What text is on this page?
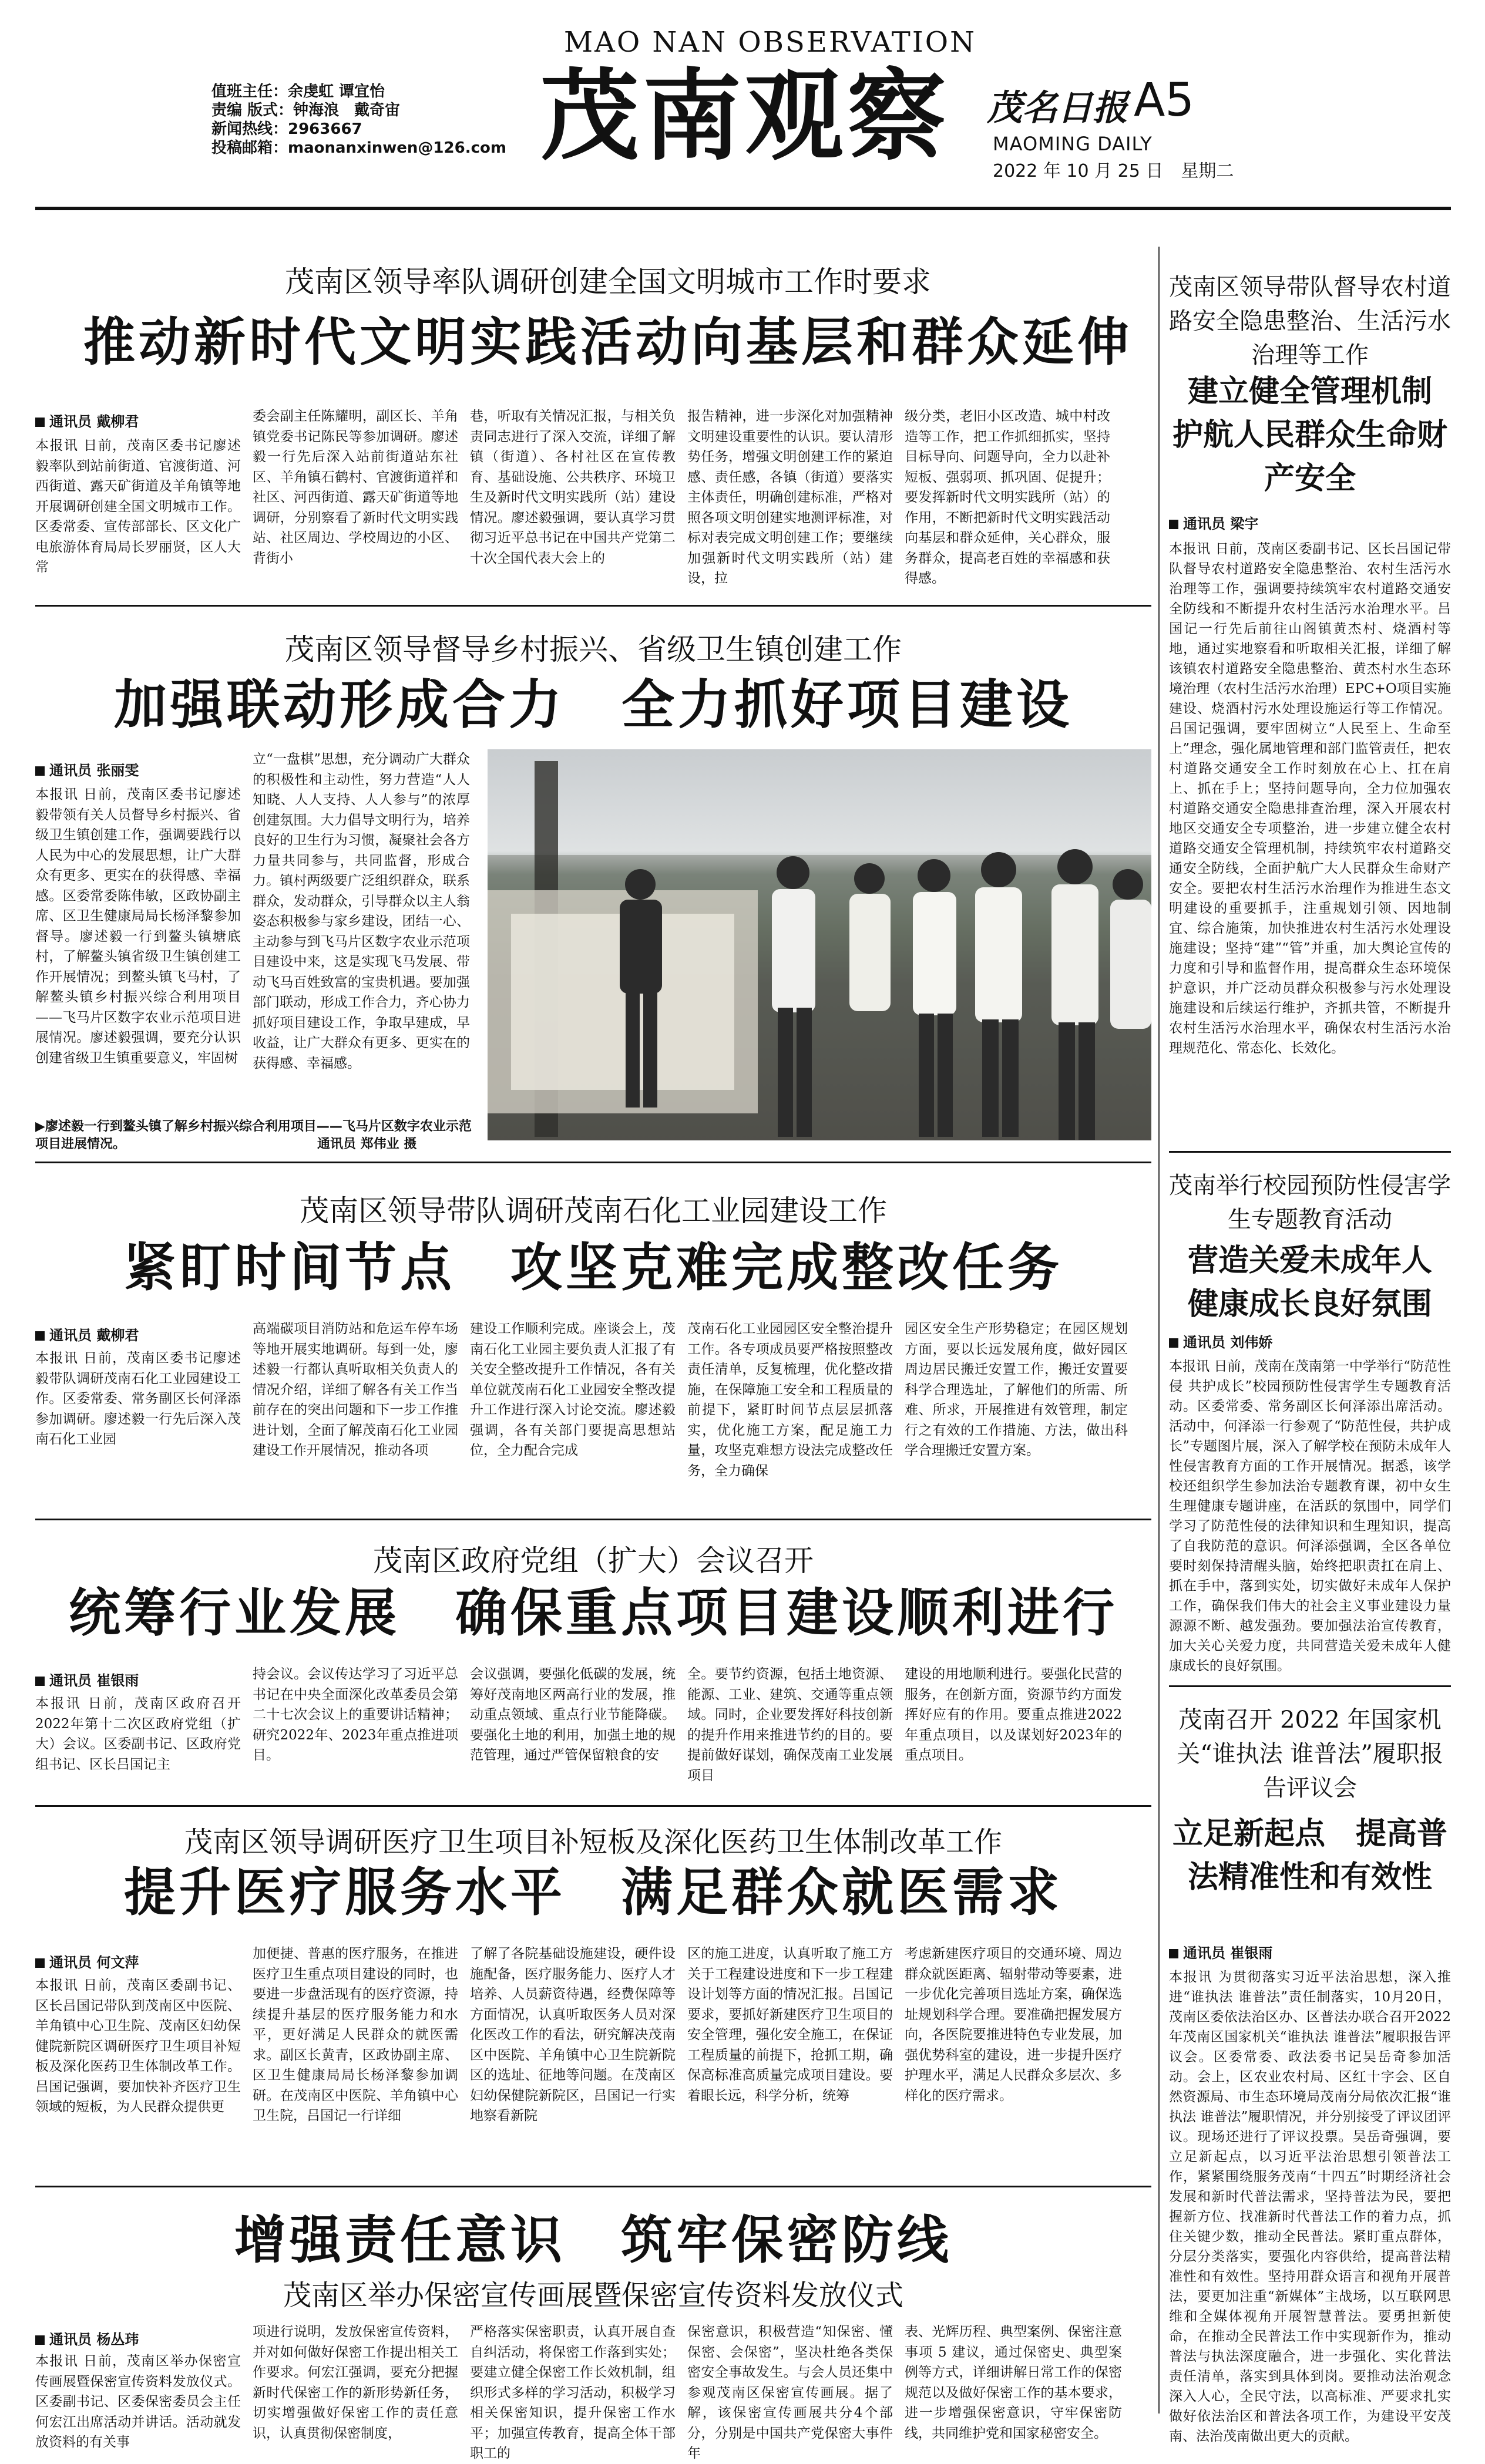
值班主任：余虔虹 谭宜怡
责编 版式：钟海浪　戴奇宙
新闻热线：2963667
投稿邮箱：maonanxinwen@126.com
MAO NAN OBSERVATION
茂南观察	茂名日报 A5
MAOMING DAILY
2022 年 10 月 25 日　星期二
茂南区领导率队调研创建全国文明城市工作时要求
推动新时代文明实践活动向基层和群众延伸
通讯员 戴柳君
本报讯 日前，茂南区委书记廖述毅率队到站前街道、官渡街道、河西街道、露天矿街道及羊角镇等地开展调研创建全国文明城市工作。区委常委、宣传部部长、区文化广电旅游体育局局长罗丽贤，区人大常
委会副主任陈耀明，副区长、羊角镇党委书记陈民等参加调研。廖述毅一行先后深入站前街道站东社区、羊角镇石鹤村、官渡街道祥和社区、河西街道、露天矿街道等地调研，分别察看了新时代文明实践站、社区周边、学校周边的小区、背街小
巷，听取有关情况汇报，与相关负责同志进行了深入交流，详细了解镇（街道）、各村社区在宣传教育、基础设施、公共秩序、环境卫生及新时代文明实践所（站）建设情况。廖述毅强调，要认真学习贯彻习近平总书记在中国共产党第二十次全国代表大会上的
报告精神，进一步深化对加强精神文明建设重要性的认识。要认清形势任务，增强文明创建工作的紧迫感、责任感，各镇（街道）要落实主体责任，明确创建标准，严格对照各项文明创建实地测评标准，对标对表完成文明创建工作；要继续加强新时代文明实践所（站）建设，拉
级分类，老旧小区改造、城中村改造等工作，把工作抓细抓实，坚持目标导向、问题导向，全力以赴补短板、强弱项、抓巩固、促提升；要发挥新时代文明实践所（站）的作用，不断把新时代文明实践活动向基层和群众延伸，关心群众，服务群众，提高老百姓的幸福感和获得感。
茂南区领导督导乡村振兴、省级卫生镇创建工作
加强联动形成合力　全力抓好项目建设
通讯员 张丽雯
本报讯 日前，茂南区委书记廖述毅带领有关人员督导乡村振兴、省级卫生镇创建工作，强调要践行以人民为中心的发展思想，让广大群众有更多、更实在的获得感、幸福感。区委常委陈伟敏，区政协副主席、区卫生健康局局长杨泽黎参加督导。廖述毅一行到鳌头镇塘底村，了解鳌头镇省级卫生镇创建工作开展情况；到鳌头镇飞马村，了解鳌头镇乡村振兴综合利用项目——飞马片区数字农业示范项目进展情况。廖述毅强调，要充分认识创建省级卫生镇重要意义，牢固树
立“一盘棋”思想，充分调动广大群众的积极性和主动性，努力营造“人人知晓、人人支持、人人参与”的浓厚创建氛围。大力倡导文明行为，培养良好的卫生行为习惯，凝聚社会各方力量共同参与，共同监督，形成合力。镇村两级要广泛组织群众，联系群众，发动群众，引导群众以主人翁姿态积极参与家乡建设，团结一心、主动参与到飞马片区数字农业示范项目建设中来，这是实现飞马发展、带动飞马百姓致富的宝贵机遇。要加强部门联动，形成工作合力，齐心协力抓好项目建设工作，争取早建成，早收益，让广大群众有更多、更实在的获得感、幸福感。
▶廖述毅一行到鳌头镇了解乡村振兴综合利用项目——飞马片区数字农业示范项目进展情况。	通讯员 郑伟业 摄
茂南区领导带队调研茂南石化工业园建设工作
紧盯时间节点　攻坚克难完成整改任务
通讯员 戴柳君
本报讯 日前，茂南区委书记廖述毅带队调研茂南石化工业园建设工作。区委常委、常务副区长何泽添参加调研。廖述毅一行先后深入茂南石化工业园
高端碳项目消防站和危运车停车场等地开展实地调研。每到一处，廖述毅一行都认真听取相关负责人的情况介绍，详细了解各有关工作当前存在的突出问题和下一步工作推进计划，全面了解茂南石化工业园建设工作开展情况，推动各项
建设工作顺利完成。座谈会上，茂南石化工业园主要负责人汇报了有关安全整改提升工作情况，各有关单位就茂南石化工业园安全整改提升工作进行深入讨论交流。廖述毅强调，各有关部门要提高思想站位，全力配合完成
茂南石化工业园园区安全整治提升工作。各专项成员要严格按照整改责任清单，反复梳理，优化整改措施，在保障施工安全和工程质量的前提下，紧盯时间节点层层抓落实，优化施工方案，配足施工力量，攻坚克难想方设法完成整改任务，全力确保
园区安全生产形势稳定；在园区规划方面，要以长远发展角度，做好园区周边居民搬迁安置工作，搬迁安置要科学合理选址，了解他们的所需、所难、所求，开展推进有效管理，制定行之有效的工作措施、方法，做出科学合理搬迁安置方案。
茂南区政府党组（扩大）会议召开
统筹行业发展　确保重点项目建设顺利进行
通讯员 崔银雨
本报讯 日前，茂南区政府召开2022年第十二次区政府党组（扩大）会议。区委副书记、区政府党组书记、区长吕国记主
持会议。会议传达学习了习近平总书记在中央全面深化改革委员会第二十七次会议上的重要讲话精神；研究2022年、2023年重点推进项目。
会议强调，要强化低碳的发展，统筹好茂南地区两高行业的发展，推动重点领域、重点行业节能降碳。要强化土地的利用，加强土地的规范管理，通过严管保留粮食的安
全。要节约资源，包括土地资源、能源、工业、建筑、交通等重点领域。同时，企业要发挥好科技创新的提升作用来推进节约的目的。要提前做好谋划，确保茂南工业发展项目
建设的用地顺利进行。要强化民营的服务，在创新方面，资源节约方面发挥好应有的作用。要重点推进2022年重点项目，以及谋划好2023年的重点项目。
茂南区领导调研医疗卫生项目补短板及深化医药卫生体制改革工作
提升医疗服务水平　满足群众就医需求
通讯员 何文萍
本报讯 日前，茂南区委副书记、区长吕国记带队到茂南区中医院、羊角镇中心卫生院、茂南区妇幼保健院新院区调研医疗卫生项目补短板及深化医药卫生体制改革工作。吕国记强调，要加快补齐医疗卫生领域的短板，为人民群众提供更
加便捷、普惠的医疗服务，在推进医疗卫生重点项目建设的同时，也要进一步盘活现有的医疗资源，持续提升基层的医疗服务能力和水平，更好满足人民群众的就医需求。副区长黄青，区政协副主席、区卫生健康局局长杨泽黎参加调研。在茂南区中医院、羊角镇中心卫生院，吕国记一行详细
了解了各院基础设施建设，硬件设施配备，医疗服务能力、医疗人才培养、人员薪资待遇，经费保障等方面情况，认真听取医务人员对深化医改工作的看法，研究解决茂南区中医院、羊角镇中心卫生院新院区的选址、征地等问题。在茂南区妇幼保健院新院区，吕国记一行实地察看新院
区的施工进度，认真听取了施工方关于工程建设进度和下一步工程建设计划等方面的情况汇报。吕国记要求，要抓好新建医疗卫生项目的安全管理，强化安全施工，在保证工程质量的前提下，抢抓工期，确保高标准高质量完成项目建设。要着眼长远，科学分析，统筹
考虑新建医疗项目的交通环境、周边群众就医距离、辐射带动等要素，进一步优化完善项目选址方案，确保选址规划科学合理。要准确把握发展方向，各医院要推进特色专业发展，加强优势科室的建设，进一步提升医疗护理水平，满足人民群众多层次、多样化的医疗需求。
增强责任意识　筑牢保密防线
茂南区举办保密宣传画展暨保密宣传资料发放仪式
通讯员 杨丛玮
本报讯 日前，茂南区举办保密宣传画展暨保密宣传资料发放仪式。区委副书记、区委保密委员会主任何宏江出席活动并讲话。活动就发放资料的有关事
项进行说明，发放保密宣传资料，并对如何做好保密工作提出相关工作要求。何宏江强调，要充分把握新时代保密工作的新形势新任务，切实增强做好保密工作的责任意识，认真贯彻保密制度，
严格落实保密职责，认真开展自查自纠活动，将保密工作落到实处；要建立健全保密工作长效机制，组织形式多样的学习活动，积极学习相关保密知识，提升保密工作水平；加强宣传教育，提高全体干部职工的
保密意识，积极营造“知保密、懂保密、会保密”，坚决杜绝各类保密安全事故发生。与会人员还集中参观茂南区保密宣传画展。据了解，该保密宣传画展共分4个部分，分别是中国共产党保密大事件年
表、光辉历程、典型案例、保密注意事项 5 建议，通过保密史、典型案例等方式，详细讲解日常工作的保密规范以及做好保密工作的基本要求，进一步增强保密意识，守牢保密防线，共同维护党和国家秘密安全。
茂南区领导带队督导农村道路安全隐患整治、生活污水治理等工作
建立健全管理机制　护航人民群众生命财产安全
通讯员 梁宇
本报讯 日前，茂南区委副书记、区长吕国记带队督导农村道路安全隐患整治、农村生活污水治理等工作，强调要持续筑牢农村道路交通安全防线和不断提升农村生活污水治理水平。吕国记一行先后前往山阁镇黄杰村、烧酒村等地，通过实地察看和听取相关汇报，详细了解该镇农村道路安全隐患整治、黄杰村水生态环境治理（农村生活污水治理）EPC+O项目实施建设、烧酒村污水处理设施运行等工作情况。吕国记强调，要牢固树立“人民至上、生命至上”理念，强化属地管理和部门监管责任，把农村道路交通安全工作时刻放在心上、扛在肩上、抓在手上；坚持问题导向，全力位加强农村道路交通安全隐患排查治理，深入开展农村地区交通安全专项整治，进一步建立健全农村道路交通安全管理机制，持续筑牢农村道路交通安全防线，全面护航广大人民群众生命财产安全。要把农村生活污水治理作为推进生态文明建设的重要抓手，注重规划引领、因地制宜、综合施策，加快推进农村生活污水处理设施建设；坚持“建”“管”并重，加大舆论宣传的力度和引导和监督作用，提高群众生态环境保护意识，并广泛动员群众积极参与污水处理设施建设和后续运行维护，齐抓共管，不断提升农村生活污水治理水平，确保农村生活污水治理规范化、常态化、长效化。
茂南举行校园预防性侵害学生专题教育活动
营造关爱未成年人　健康成长良好氛围
通讯员 刘伟娇
本报讯 日前，茂南在茂南第一中学举行“防范性侵 共护成长”校园预防性侵害学生专题教育活动。区委常委、常务副区长何泽添出席活动。活动中，何泽添一行参观了“防范性侵，共护成长”专题图片展，深入了解学校在预防未成年人性侵害教育方面的工作开展情况。据悉，该学校还组织学生参加法治专题教育课，初中女生生理健康专题讲座，在活跃的氛围中，同学们学习了防范性侵的法律知识和生理知识，提高了自我防范的意识。何泽添强调，全区各单位要时刻保持清醒头脑，始终把职责扛在肩上、抓在手中，落到实处，切实做好未成年人保护工作，确保我们伟大的社会主义事业建设力量源源不断、越发强劲。要加强法治宣传教育，加大关心关爱力度，共同营造关爱未成年人健康成长的良好氛围。
茂南召开 2022 年国家机关“谁执法 谁普法”履职报告评议会
立足新起点　提高普法精准性和有效性
通讯员 崔银雨
本报讯 为贯彻落实习近平法治思想，深入推进“谁执法 谁普法”责任制落实，10月20日，茂南区委依法治区办、区普法办联合召开2022年茂南区国家机关“谁执法 谁普法”履职报告评议会。区委常委、政法委书记吴岳奇参加活动。会上，区农业农村局、区红十字会、区自然资源局、市生态环境局茂南分局依次汇报“谁执法 谁普法”履职情况，并分别接受了评议团评议。现场还进行了评议投票。吴岳奇强调，要立足新起点，以习近平法治思想引领普法工作，紧紧围绕服务茂南“十四五”时期经济社会发展和新时代普法需求，坚持普法为民，要把握新方位、找准新时代普法工作的着力点，抓住关键少数，推动全民普法。紧盯重点群体，分层分类落实，要强化内容供给，提高普法精准性和有效性。坚持用群众语言和视角开展普法，要更加注重“新媒体”主战场，以互联网思维和全媒体视角开展智慧普法。要勇担新使命，在推动全民普法工作中实现新作为，推动普法与执法深度融合，进一步强化、实化普法责任清单，落实到具体到岗。要推动法治观念深入人心，全民守法，以高标准、严要求扎实做好依法治区和普法各项工作，为建设平安茂南、法治茂南做出更大的贡献。
